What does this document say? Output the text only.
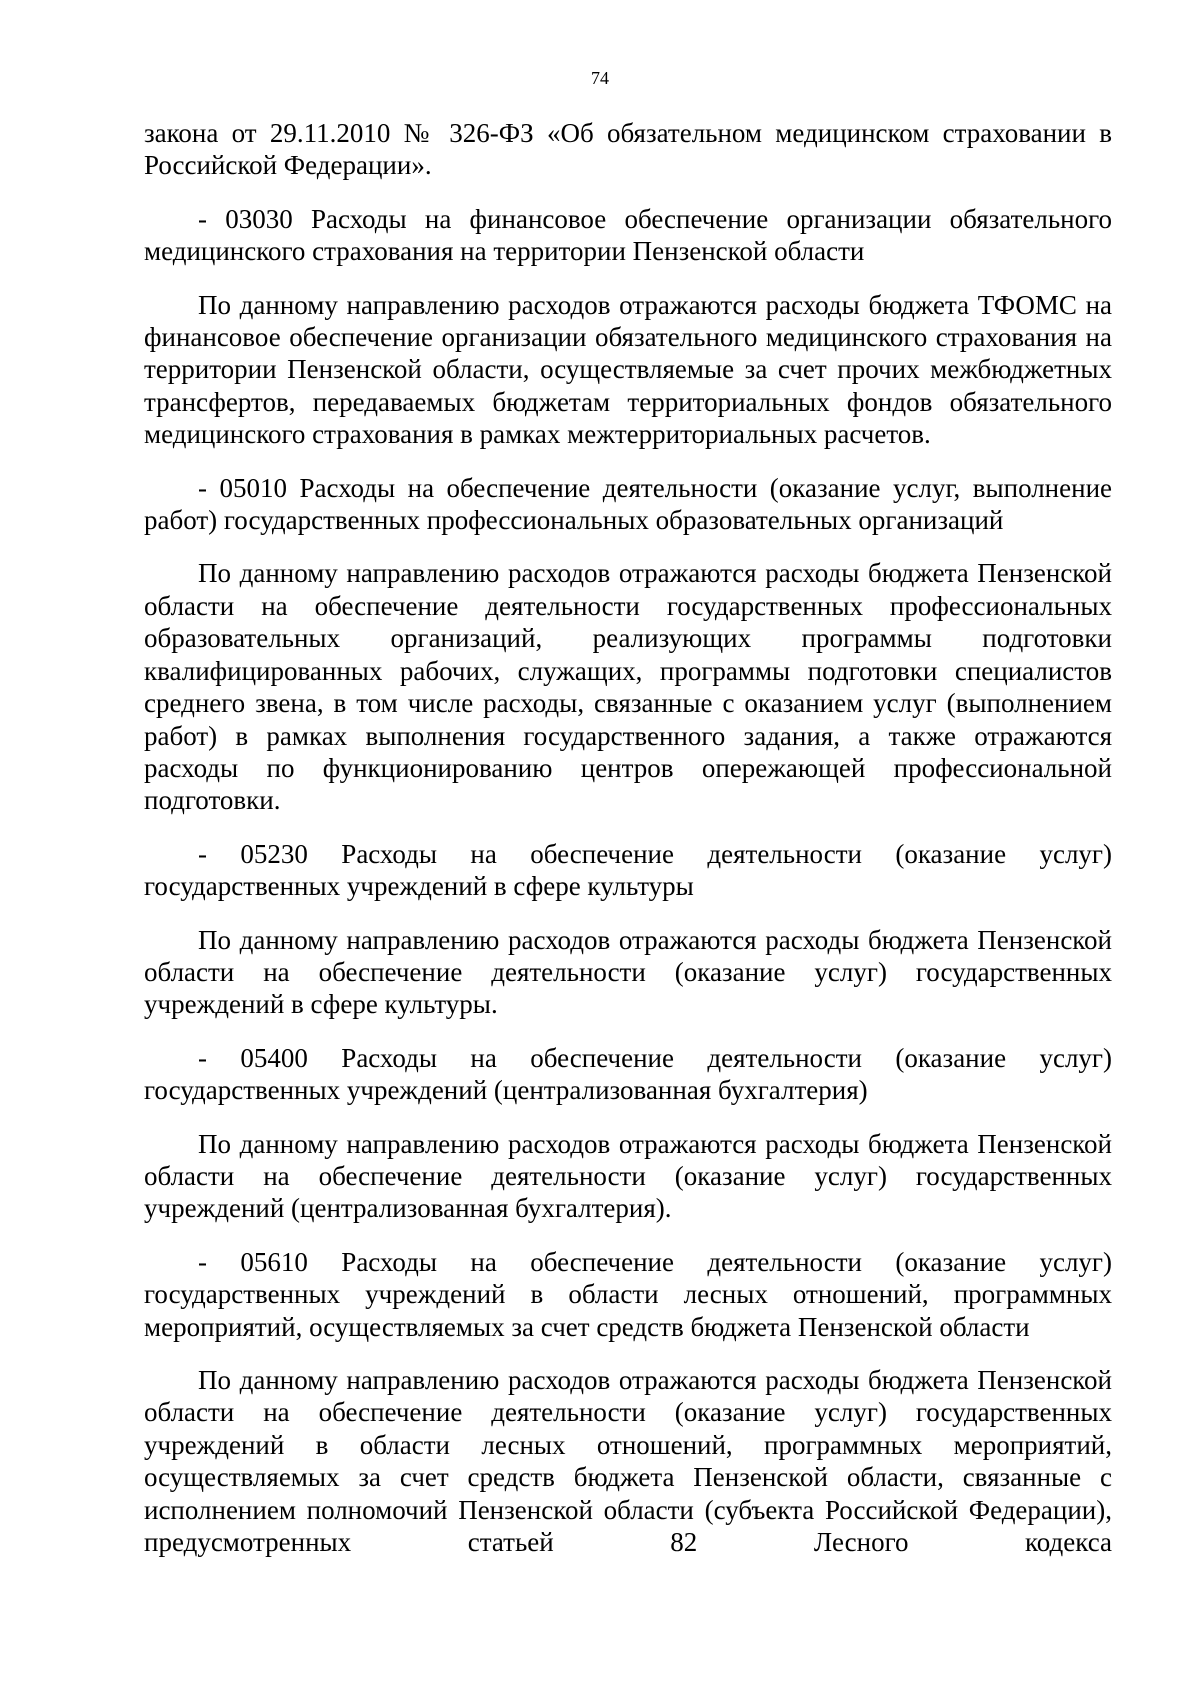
74

закона от 29.11.2010 № 326-ФЗ «Об обязательном медицинском страховании в Российской Федерации».

- 03030 Расходы на финансовое обеспечение организации обязательного медицинского страхования на территории Пензенской области

По данному направлению расходов отражаются расходы бюджета ТФОМС на финансовое обеспечение организации обязательного медицинского страхования на территории Пензенской области, осуществляемые за счет прочих межбюджетных трансфертов, передаваемых бюджетам территориальных фондов обязательного медицинского страхования в рамках межтерриториальных расчетов.

- 05010 Расходы на обеспечение деятельности (оказание услуг, выполнение работ) государственных профессиональных образовательных организаций

По данному направлению расходов отражаются расходы бюджета Пензенской области на обеспечение деятельности государственных профессиональных образовательных организаций, реализующих программы подготовки квалифицированных рабочих, служащих, программы подготовки специалистов среднего звена, в том числе расходы, связанные с оказанием услуг (выполнением работ) в рамках выполнения государственного задания, а также отражаются расходы по функционированию центров опережающей профессиональной подготовки.

- 05230 Расходы на обеспечение деятельности (оказание услуг) государственных учреждений в сфере культуры

По данному направлению расходов отражаются расходы бюджета Пензенской области на обеспечение деятельности (оказание услуг) государственных учреждений в сфере культуры.

- 05400 Расходы на обеспечение деятельности (оказание услуг) государственных учреждений (централизованная бухгалтерия)

По данному направлению расходов отражаются расходы бюджета Пензенской области на обеспечение деятельности (оказание услуг) государственных учреждений (централизованная бухгалтерия).

- 05610 Расходы на обеспечение деятельности (оказание услуг) государственных учреждений в области лесных отношений, программных мероприятий, осуществляемых за счет средств бюджета Пензенской области

По данному направлению расходов отражаются расходы бюджета Пензенской области на обеспечение деятельности (оказание услуг) государственных учреждений в области лесных отношений, программных мероприятий, осуществляемых за счет средств бюджета Пензенской области, связанные с исполнением полномочий Пензенской области (субъекта Российской Федерации), предусмотренных статьей 82 Лесного кодекса
